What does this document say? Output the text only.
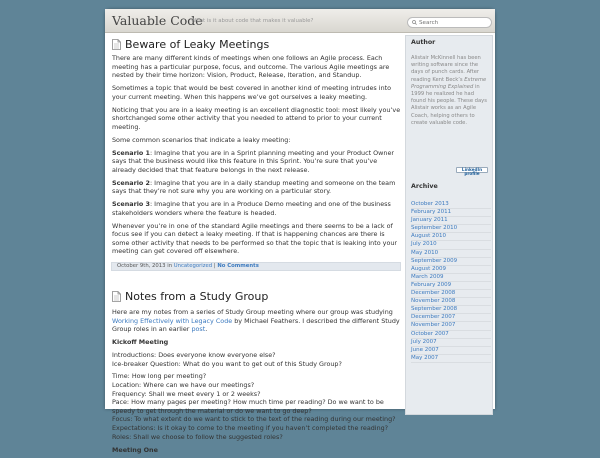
Valuable Code
What is it about code that makes it valuable?
Search
Beware of Leaky Meetings

There are many different kinds of meetings when one follows an Agile process. Each meeting has a particular purpose, focus, and outcome. The various Agile meetings are nested by their time horizon: Vision, Product, Release, Iteration, and Standup.

Sometimes a topic that would be best covered in another kind of meeting intrudes into your current meeting. When this happens we’ve got ourselves a leaky meeting.

Noticing that you are in a leaky meeting is an excellent diagnostic tool: most likely you’ve shortchanged some other activity that you needed to attend to prior to your current meeting.

Some common scenarios that indicate a leaky meeting:

Scenario 1: Imagine that you are in a Sprint planning meeting and your Product Owner says that the business would like this feature in this Sprint. You’re sure that you’ve already decided that that feature belongs in the next release.

Scenario 2: Imagine that you are in a daily standup meeting and someone on the team says that they’re not sure why you are working on a particular story.

Scenario 3: Imagine that you are in a Produce Demo meeting and one of the business stakeholders wonders where the feature is headed.

Whenever you’re in one of the standard Agile meetings and there seems to be a lack of focus see if you can detect a leaky meeting. If that is happening chances are there is some other activity that needs to be performed so that the topic that is leaking into your meeting can get covered off elsewhere.

October 9th, 2013 in Uncategorized | No Comments
Notes from a Study Group

Here are my notes from a series of Study Group meeting where our group was studying Working Effectively with Legacy Code by Michael Feathers. I described the different Study Group roles in an earlier post.

Kickoff Meeting

Introductions: Does everyone know everyone else?
Ice-breaker Question: What do you want to get out of this Study Group?

Time: How long per meeting?
Location: Where can we have our meetings?
Frequency: Shall we meet every 1 or 2 weeks?
Pace: How many pages per meeting? How much time per reading? Do we want to be speedy to get through the material or do we want to go deep?
Focus: To what extent do we want to stick to the text of the reading during our meeting?
Expectations: Is it okay to come to the meeting if you haven’t completed the reading?
Roles: Shall we choose to follow the suggested roles?

Meeting One

Author
Alistair McKinnell has been writing software since the days of punch cards. After reading Kent Beck’s Extreme Programming Explained in 1999 he realized he had found his people. These days Alistair works as an Agile Coach, helping others to create valuable code.
LinkedIn profile
Archive
October 2013
February 2011
January 2011
September 2010
August 2010
July 2010
May 2010
September 2009
August 2009
March 2009
February 2009
December 2008
November 2008
September 2008
December 2007
November 2007
October 2007
July 2007
June 2007
May 2007
